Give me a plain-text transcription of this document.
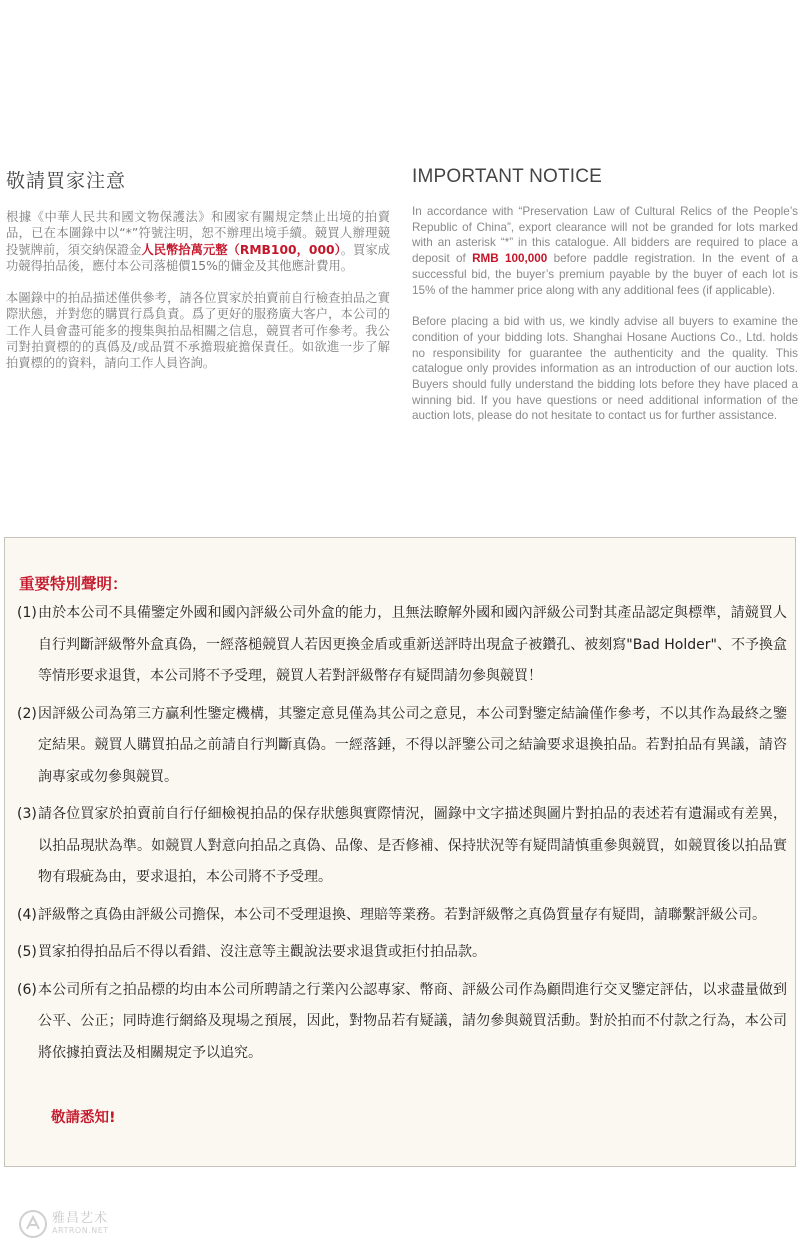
敬請買家注意

根據《中華人民共和國文物保護法》和國家有關規定禁止出境的拍賣品，已在本圖錄中以“*”符號注明，恕不辦理出境手續。競買人辦理競投號牌前，須交納保證金人民幣拾萬元整（RMB100，000）。買家成功競得拍品後，應付本公司落槌價15%的傭金及其他應計費用。

本圖錄中的拍品描述僅供參考，請各位買家於拍賣前自行檢查拍品之實際狀態，并對您的購買行爲負責。爲了更好的服務廣大客户，本公司的工作人員會盡可能多的搜集與拍品相關之信息，競買者可作參考。我公司對拍賣標的的真僞及/或品質不承擔瑕疵擔保責任。如欲進一步了解拍賣標的的資料，請向工作人員咨詢。

IMPORTANT NOTICE

In accordance with “Preservation Law of Cultural Relics of the People’s Republic of China”, export clearance will not be granded for lots marked with an asterisk “*” in this catalogue. All bidders are required to place a deposit of RMB 100,000 before paddle registration. In the event of a successful bid, the buyer’s premium payable by the buyer of each lot is 15% of the hammer price along with any additional fees (if applicable).

Before placing a bid with us, we kindly advise all buyers to examine the condition of your bidding lots. Shanghai Hosane Auctions Co., Ltd. holds no responsibility for guarantee the authenticity and the quality. This catalogue only provides information as an introduction of our auction lots. Buyers should fully understand the bidding lots before they have placed a winning bid. If you have questions or need additional information of the auction lots, please do not hesitate to contact us for further assistance.

重要特別聲明：
(1) 由於本公司不具備鑒定外國和國內評級公司外盒的能力，且無法瞭解外國和國內評級公司對其產品認定與標準，請競買人自行判斷評級幣外盒真偽，一經落槌競買人若因更換金盾或重新送評時出現盒子被鑽孔、被刻寫"Bad Holder"、不予換盒等情形要求退貨，本公司將不予受理，競買人若對評級幣存有疑問請勿參與競買！
(2) 因評級公司為第三方贏利性鑒定機構，其鑒定意見僅為其公司之意見，本公司對鑒定結論僅作參考，不以其作為最終之鑒定結果。競買人購買拍品之前請自行判斷真偽。一經落錘，不得以評鑒公司之結論要求退換拍品。若對拍品有異議，請咨詢專家或勿參與競買。
(3) 請各位買家於拍賣前自行仔細檢視拍品的保存狀態與實際情況，圖錄中文字描述與圖片對拍品的表述若有遺漏或有差異，以拍品現狀為準。如競買人對意向拍品之真偽、品像、是否修補、保持狀況等有疑問請慎重參與競買，如競買後以拍品實物有瑕疵為由，要求退拍，本公司將不予受理。
(4) 評級幣之真偽由評級公司擔保，本公司不受理退換、理賠等業務。若對評級幣之真偽質量存有疑問，請聯繫評級公司。
(5) 買家拍得拍品后不得以看錯、沒注意等主觀說法要求退貨或拒付拍品款。
(6) 本公司所有之拍品標的均由本公司所聘請之行業內公認專家、幣商、評級公司作為顧問進行交叉鑒定評估，以求盡量做到公平、公正；同時進行網絡及現場之預展，因此，對物品若有疑議，請勿參與競買活動。對於拍而不付款之行為，本公司將依據拍賣法及相關規定予以追究。
敬請悉知!
雅昌艺术
ARTRON.NET
